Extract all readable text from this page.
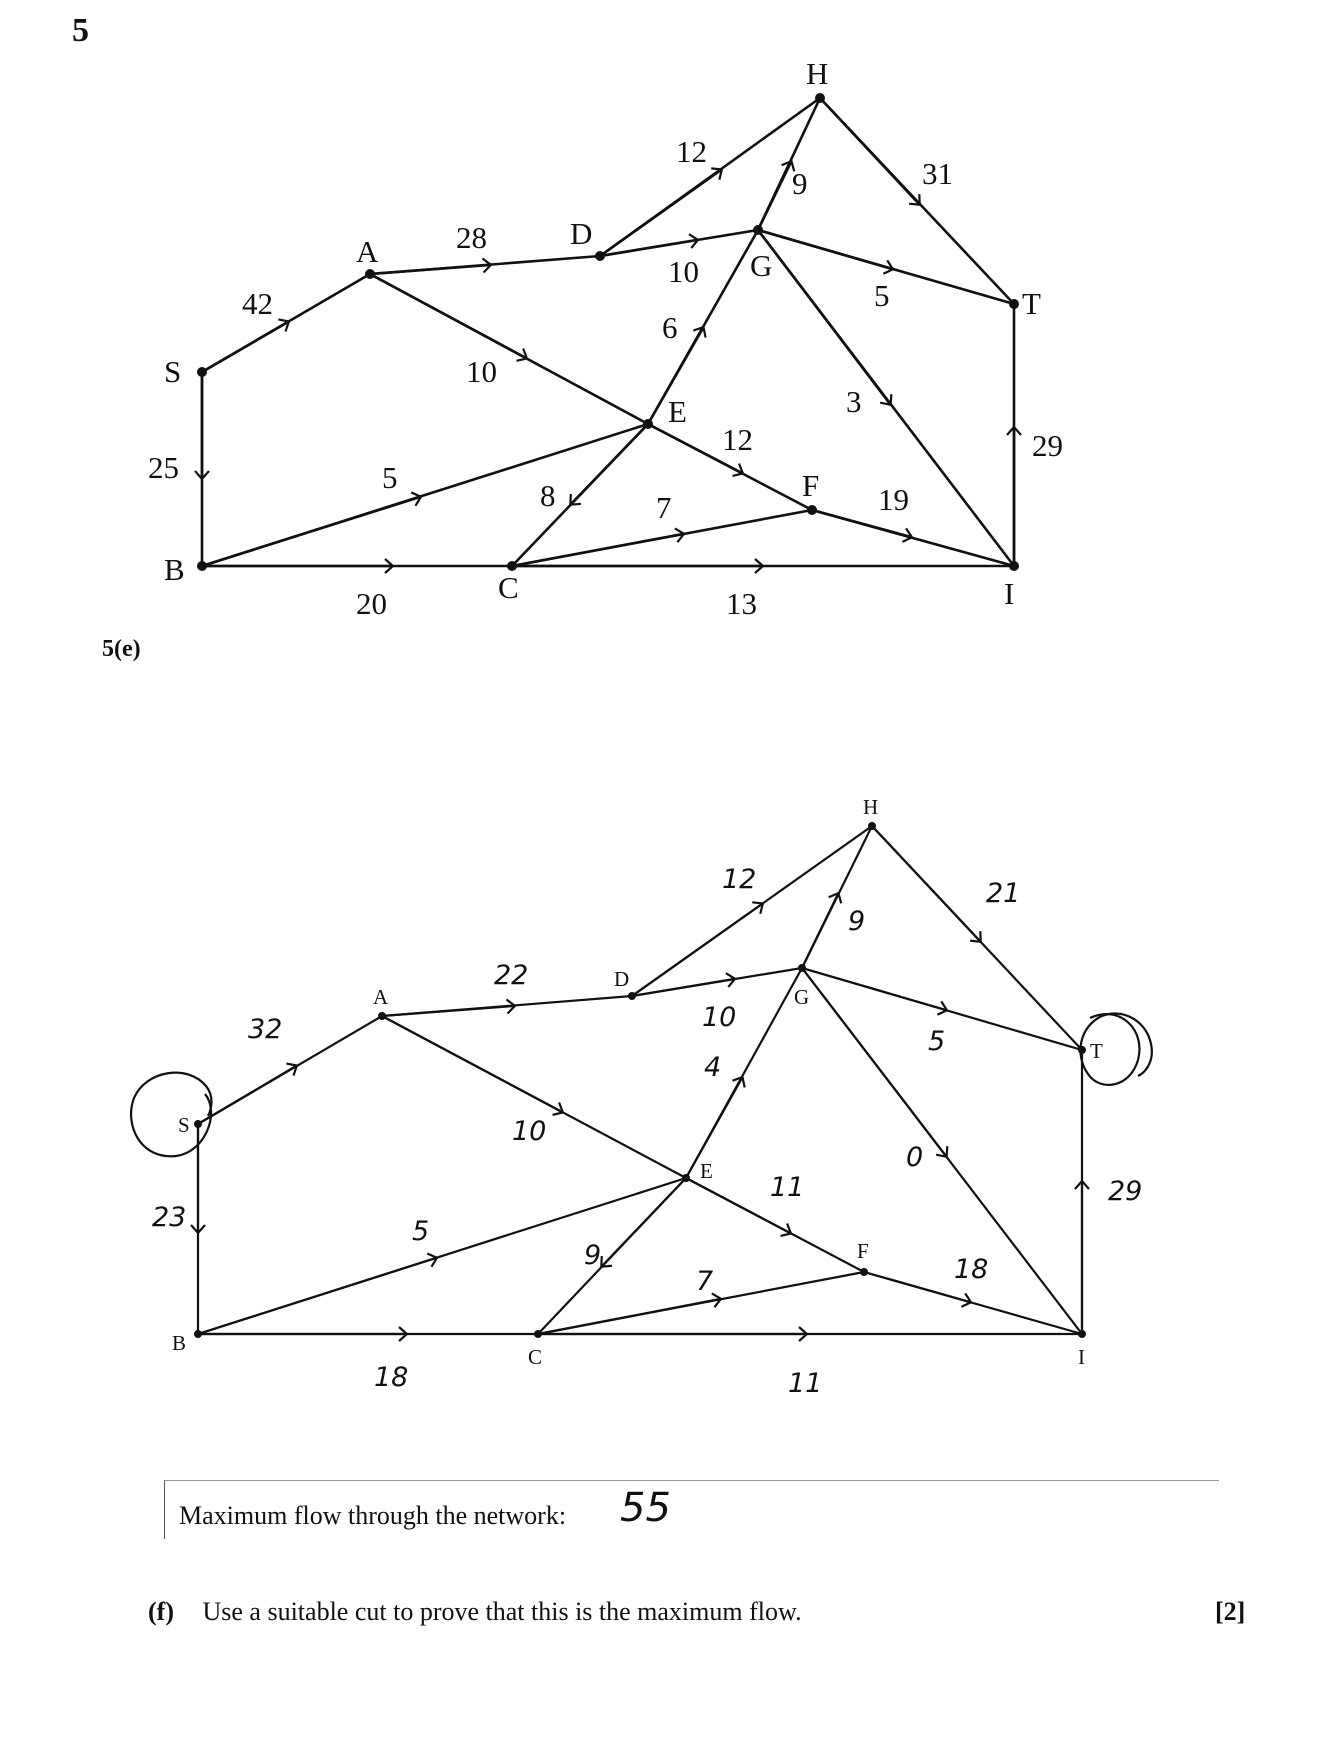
5
5(e)
S
A
B
D
H
G
E
F
C
T
I
42
25
28
10
12
10
9	31
5
6
3
12
8
5
20
7
13
19
29
S
A
B
D
H
G
E
F
C
T
I
32
23
22
10
12
10
9
21
5
4
0
11
9
5
18
7
11
18
29
Maximum flow through the network: 55
(f) Use a suitable cut to prove that this is the maximum flow.	[2]
